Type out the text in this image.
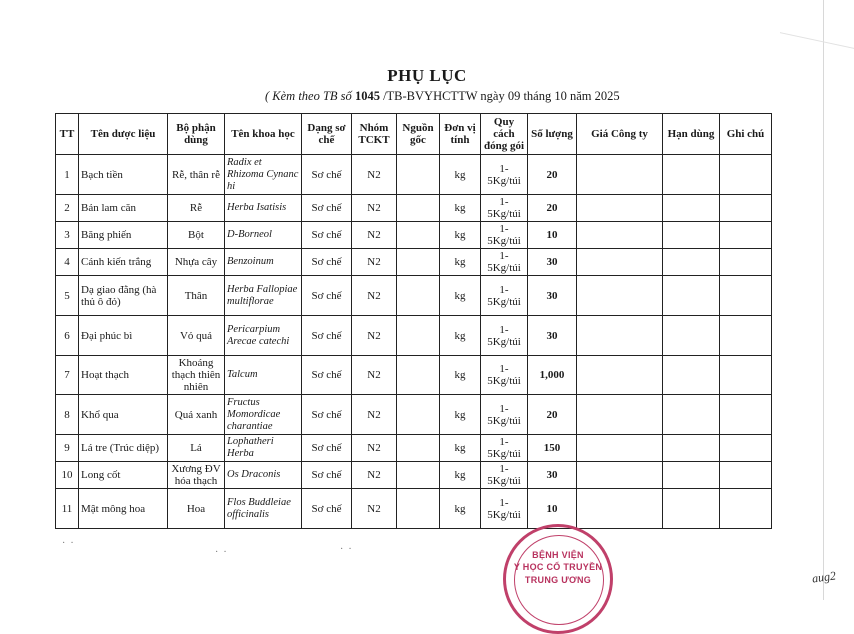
PHỤ LỤC
( Kèm theo TB số 1045 /TB-BVYHCTTW ngày 09 tháng 10 năm 2025
TT	Tên dược liệu	Bộ phận dùng	Tên khoa học	Dạng sơ chế	Nhóm TCKT	Nguồn gốc	Đơn vị tính	Quy cách đóng gói	Số lượng	Giá Công ty	Hạn dùng	Ghi chú
1	Bạch tiền	Rễ, thân rễ	Radix et Rhizoma Cynanc hi	Sơ chế	N2		kg	1-5Kg/túi	20			
2	Bản lam căn	Rễ	Herba Isatisis	Sơ chế	N2		kg	1-5Kg/túi	20			
3	Băng phiến	Bột	D-Borneol	Sơ chế	N2		kg	1-5Kg/túi	10			
4	Cánh kiến trắng	Nhựa cây	Benzoinum	Sơ chế	N2		kg	1-5Kg/túi	30			
5	Dạ giao đằng (hà thủ ô đỏ)	Thân	Herba Fallopiae multiflorae	Sơ chế	N2		kg	1-5Kg/túi	30			
6	Đại phúc bì	Vỏ quả	Pericarpium Arecae catechi	Sơ chế	N2		kg	1-5Kg/túi	30			
7	Hoạt thạch	Khoáng thạch thiên nhiên	Talcum	Sơ chế	N2		kg	1-5Kg/túi	1,000			
8	Khổ qua	Quả xanh	Fructus Momordicae charantiae	Sơ chế	N2		kg	1-5Kg/túi	20			
9	Lá tre (Trúc diệp)	Lá	Lophatheri Herba	Sơ chế	N2		kg	1-5Kg/túi	150			
10	Long cốt	Xương ĐV hóa thạch	Os Draconis	Sơ chế	N2		kg	1-5Kg/túi	30			
11	Mật mông hoa	Hoa	Flos Buddleiae officinalis	Sơ chế	N2		kg	1-5Kg/túi	10			
·  ·
·  ·	·  ·	BỆNH VIỆN
Y HỌC CỔ TRUYỀN
TRUNG ƯƠNG	aug2
